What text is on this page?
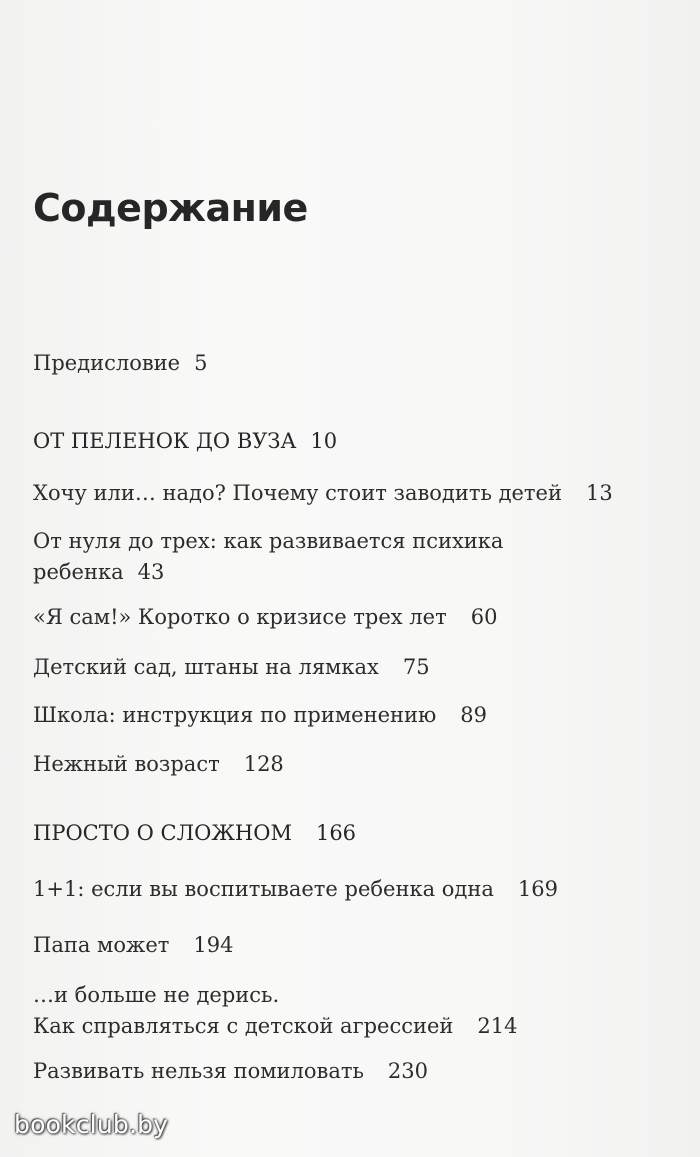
Содержание
Предисловие 5
ОТ ПЕЛЕНОК ДО ВУЗА 10
Хочу или… надо? Почему стоит заводить детей 13
От нуля до трех: как развивается психика
ребенка 43
«Я сам!» Коротко о кризисе трех лет 60
Детский сад, штаны на лямках 75
Школа: инструкция по применению 89
Нежный возраст 128
ПРОСТО О СЛОЖНОМ 166
1+1: если вы воспитываете ребенка одна 169
Папа может 194
…и больше не дерись.
Как справляться с детской агрессией 214
Развивать нельзя помиловать 230
bookclub.by
